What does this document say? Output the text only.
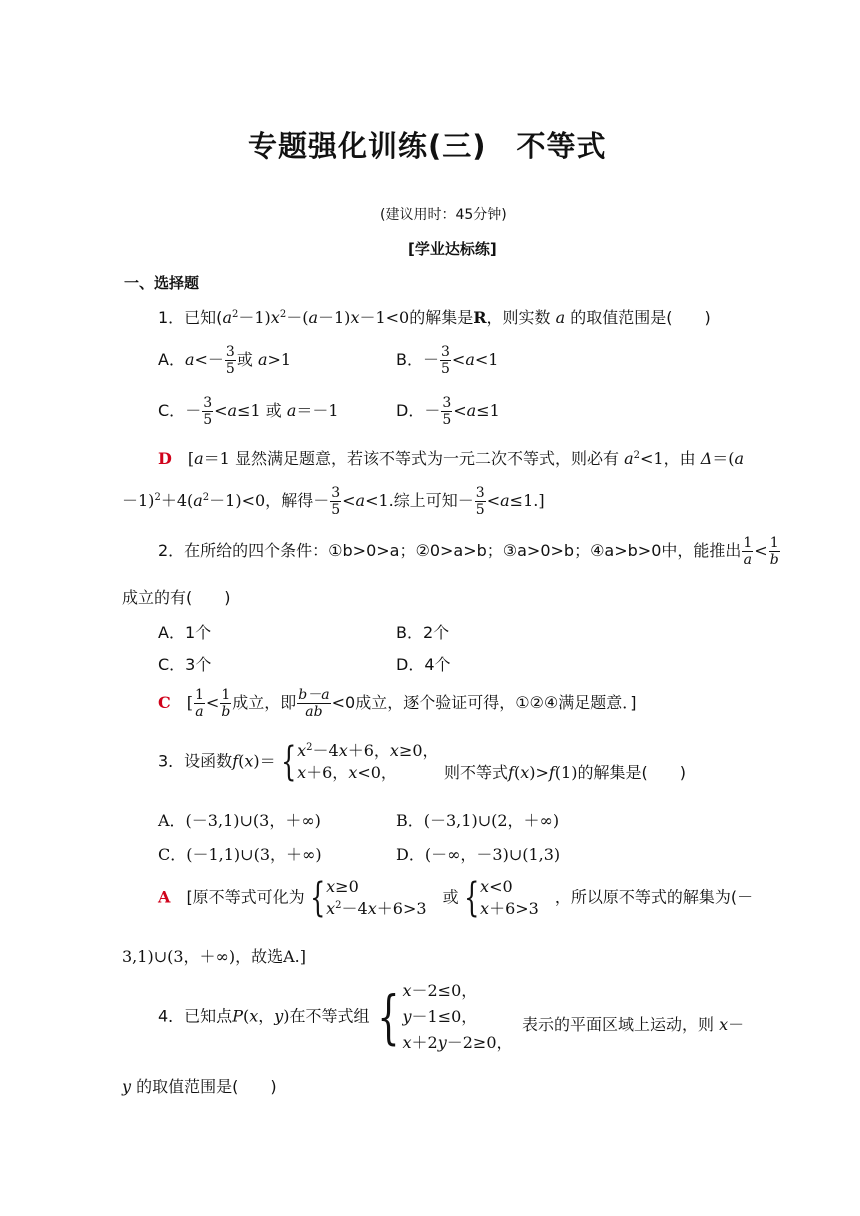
专题强化训练(三)　不等式
(建议用时：45分钟)
[学业达标练]
一、选择题
1．已知$(a^2-1)x^2-(a-1)x-1<0$的解集是R，则实数 a 的取值范围是(　　)
A．$a<- \frac{3}{5}$ 或 a>1	B．－ $\frac{3}{5} <a<1$
C．－ $\frac{3}{5} <a\le 1$ 或 a＝－1	D．－ $\frac{3}{5} <a\le 1$
D　[a＝1 显然满足题意，若该不等式为一元二次不等式，则必有 $a^2<1$，由 Δ＝(a
$-1)^2+4(a^2-1)<0$，解得－ $\frac{3}{5} <a<1$.综上可知－ $\frac{3}{5} <a\le 1$.]
2．在所给的四个条件：①b>0>a；②0>a>b；③a>0>b；④a>b>0中，能推出 $\frac{1}{a} < \frac{1}{b}$
成立的有(　　)
A．1个	B．2个
C．3个	D．4个
C　[ $\frac{1}{a} < \frac{1}{b}$ 成立，即 $\frac{b-a}{ab} <0$成立，逐个验证可得，①②④满足题意．]
3．设函数$f(x)= \{x^2-4x+6$，x≥0，
x＋6，x<0，	则不等式f(x)>f(1)的解集是(　　)
A．(－3,1)∪(3，＋∞)	B．(－3,1)∪(2，＋∞)
C．(－1,1)∪(3，＋∞)	D．(－∞，－3)∪(1,3)
A　 [原不等式可化为 {x≥0
$x^2-4x+6>3$　或 {x<0
x＋6>3　，所以原不等式的解集为(－
3,1)∪(3，＋∞)，故选A.]
4．已知点P(x，y)在不等式组 { x－2≤0，
y－1≤0，
x＋2y－2≥0，
表示的平面区域上运动，则 x－
y 的取值范围是(　　)
